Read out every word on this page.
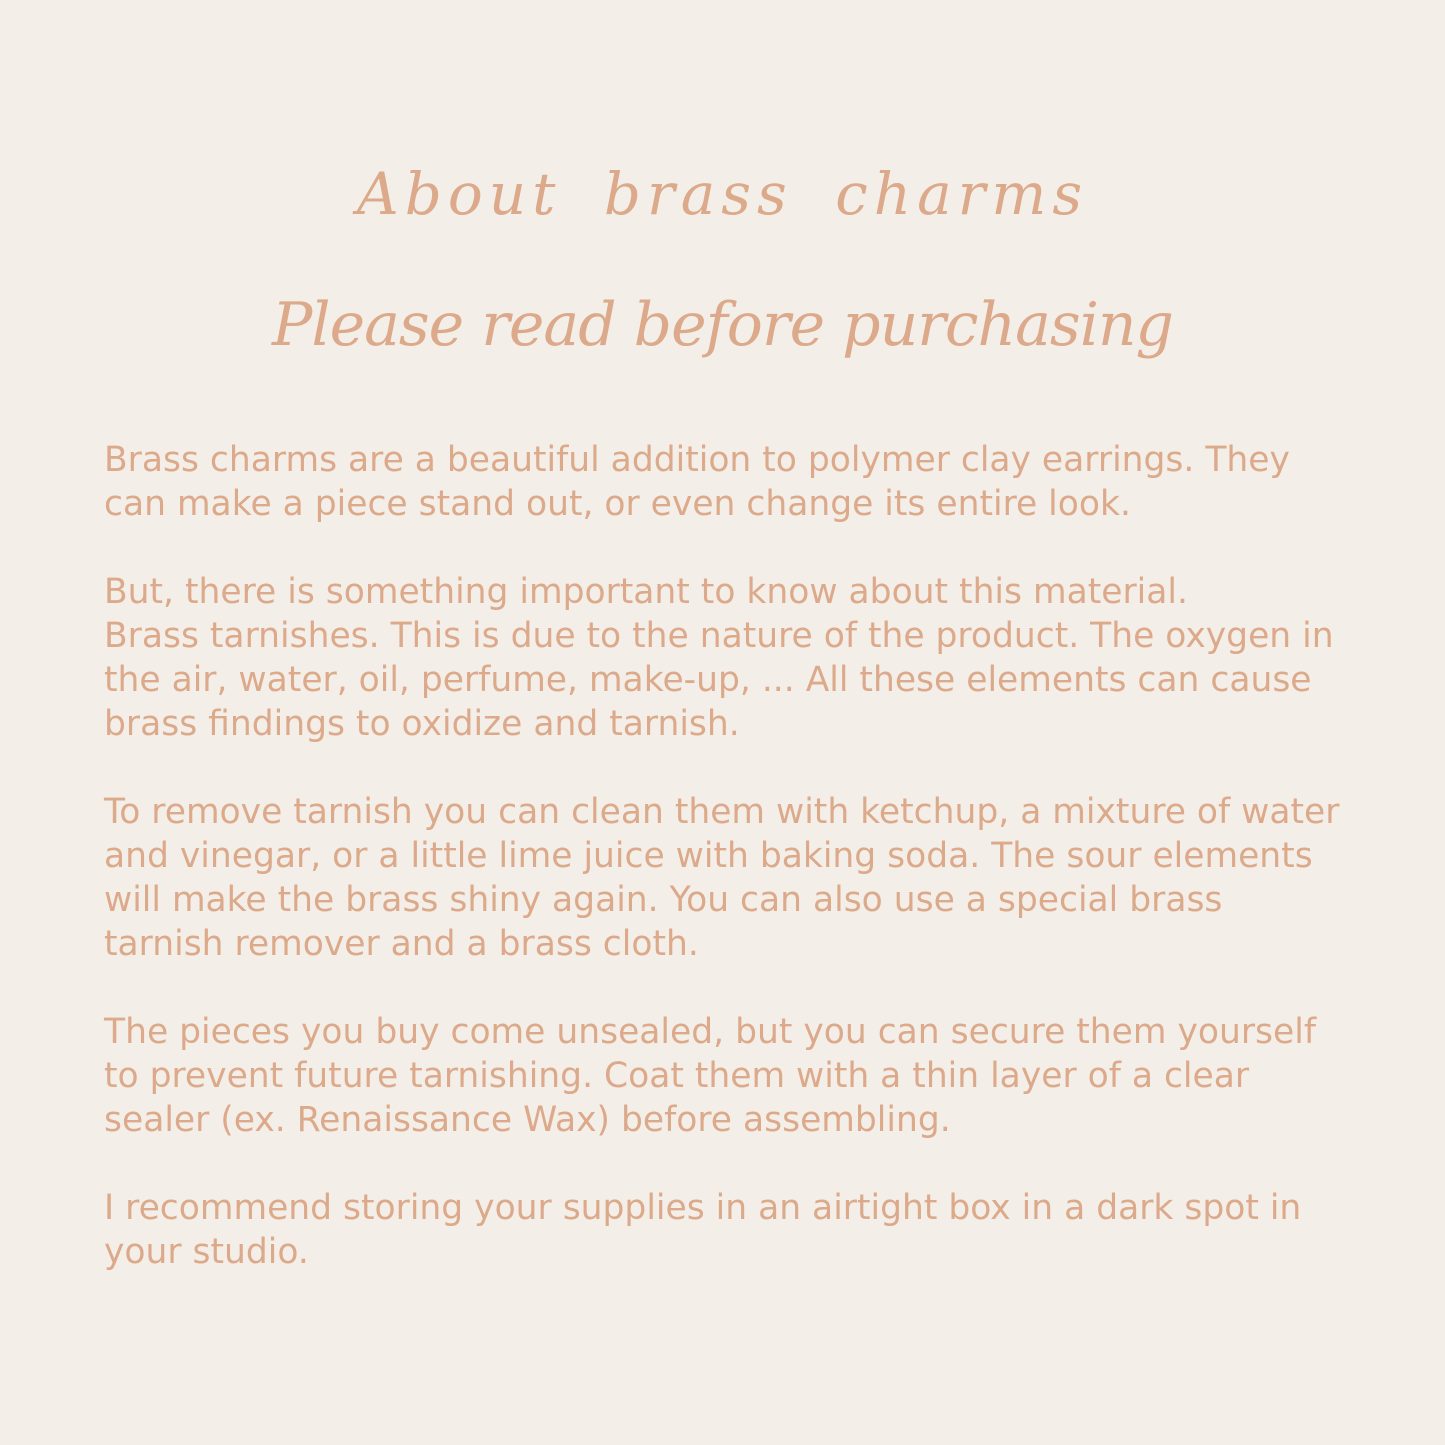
About brass charms
Please read before purchasing

Brass charms are a beautiful addition to polymer clay earrings. They
can make a piece stand out, or even change its entire look.

But, there is something important to know about this material.
Brass tarnishes. This is due to the nature of the product. The oxygen in
the air, water, oil, perfume, make-up, ... All these elements can cause
brass findings to oxidize and tarnish.

To remove tarnish you can clean them with ketchup, a mixture of water
and vinegar, or a little lime juice with baking soda. The sour elements
will make the brass shiny again. You can also use a special brass
tarnish remover and a brass cloth.

The pieces you buy come unsealed, but you can secure them yourself
to prevent future tarnishing. Coat them with a thin layer of a clear
sealer (ex. Renaissance Wax) before assembling.

I recommend storing your supplies in an airtight box in a dark spot in
your studio.
